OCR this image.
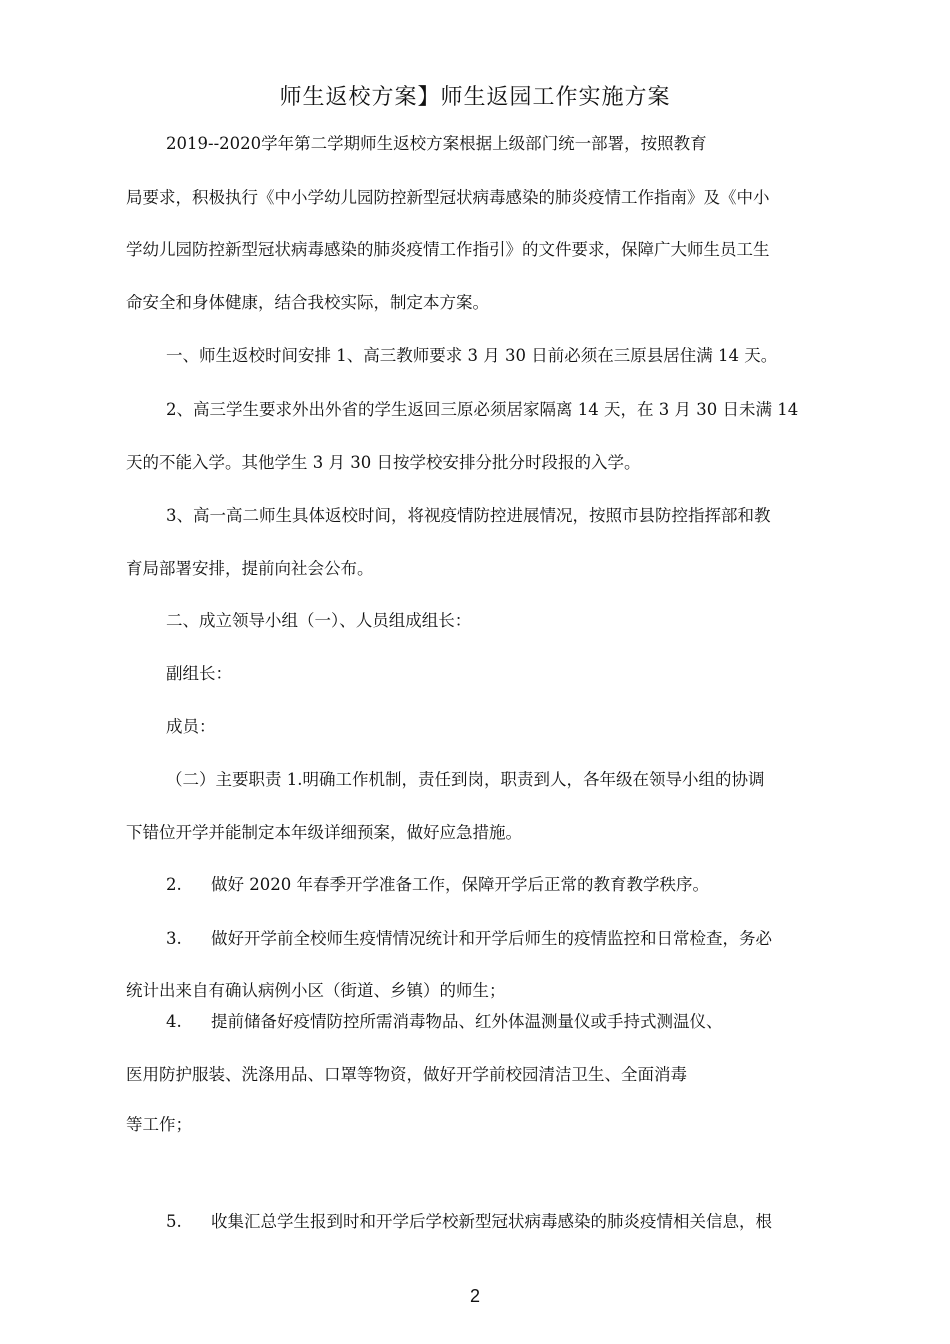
师生返校方案】师生返园工作实施方案
2019--2020学年第二学期师生返校方案根据上级部门统一部署，按照教育
局要求，积极执行《中小学幼儿园防控新型冠状病毒感染的肺炎疫情工作指南》及《中小
学幼儿园防控新型冠状病毒感染的肺炎疫情工作指引》的文件要求，保障广大师生员工生
命安全和身体健康，结合我校实际，制定本方案。
一、师生返校时间安排 1、高三教师要求 3 月 30 日前必须在三原县居住满 14 天。
2、高三学生要求外出外省的学生返回三原必须居家隔离 14 天，在 3 月 30 日未满 14
天的不能入学。其他学生 3 月 30 日按学校安排分批分时段报的入学。
3、高一高二师生具体返校时间，将视疫情防控进展情况，按照市县防控指挥部和教
育局部署安排，提前向社会公布。
二、成立领导小组（一）、人员组成组长：
副组长：
成员：
（二）主要职责 1.明确工作机制，责任到岗，职责到人，各年级在领导小组的协调
下错位开学并能制定本年级详细预案，做好应急措施。
2. 做好 2020 年春季开学准备工作，保障开学后正常的教育教学秩序。
3. 做好开学前全校师生疫情情况统计和开学后师生的疫情监控和日常检查，务必
统计出来自有确认病例小区（街道、乡镇）的师生；
4. 提前储备好疫情防控所需消毒物品、红外体温测量仪或手持式测温仪、
医用防护服装、洗涤用品、口罩等物资，做好开学前校园清洁卫生、全面消毒
等工作；
5. 收集汇总学生报到时和开学后学校新型冠状病毒感染的肺炎疫情相关信息，根
2
